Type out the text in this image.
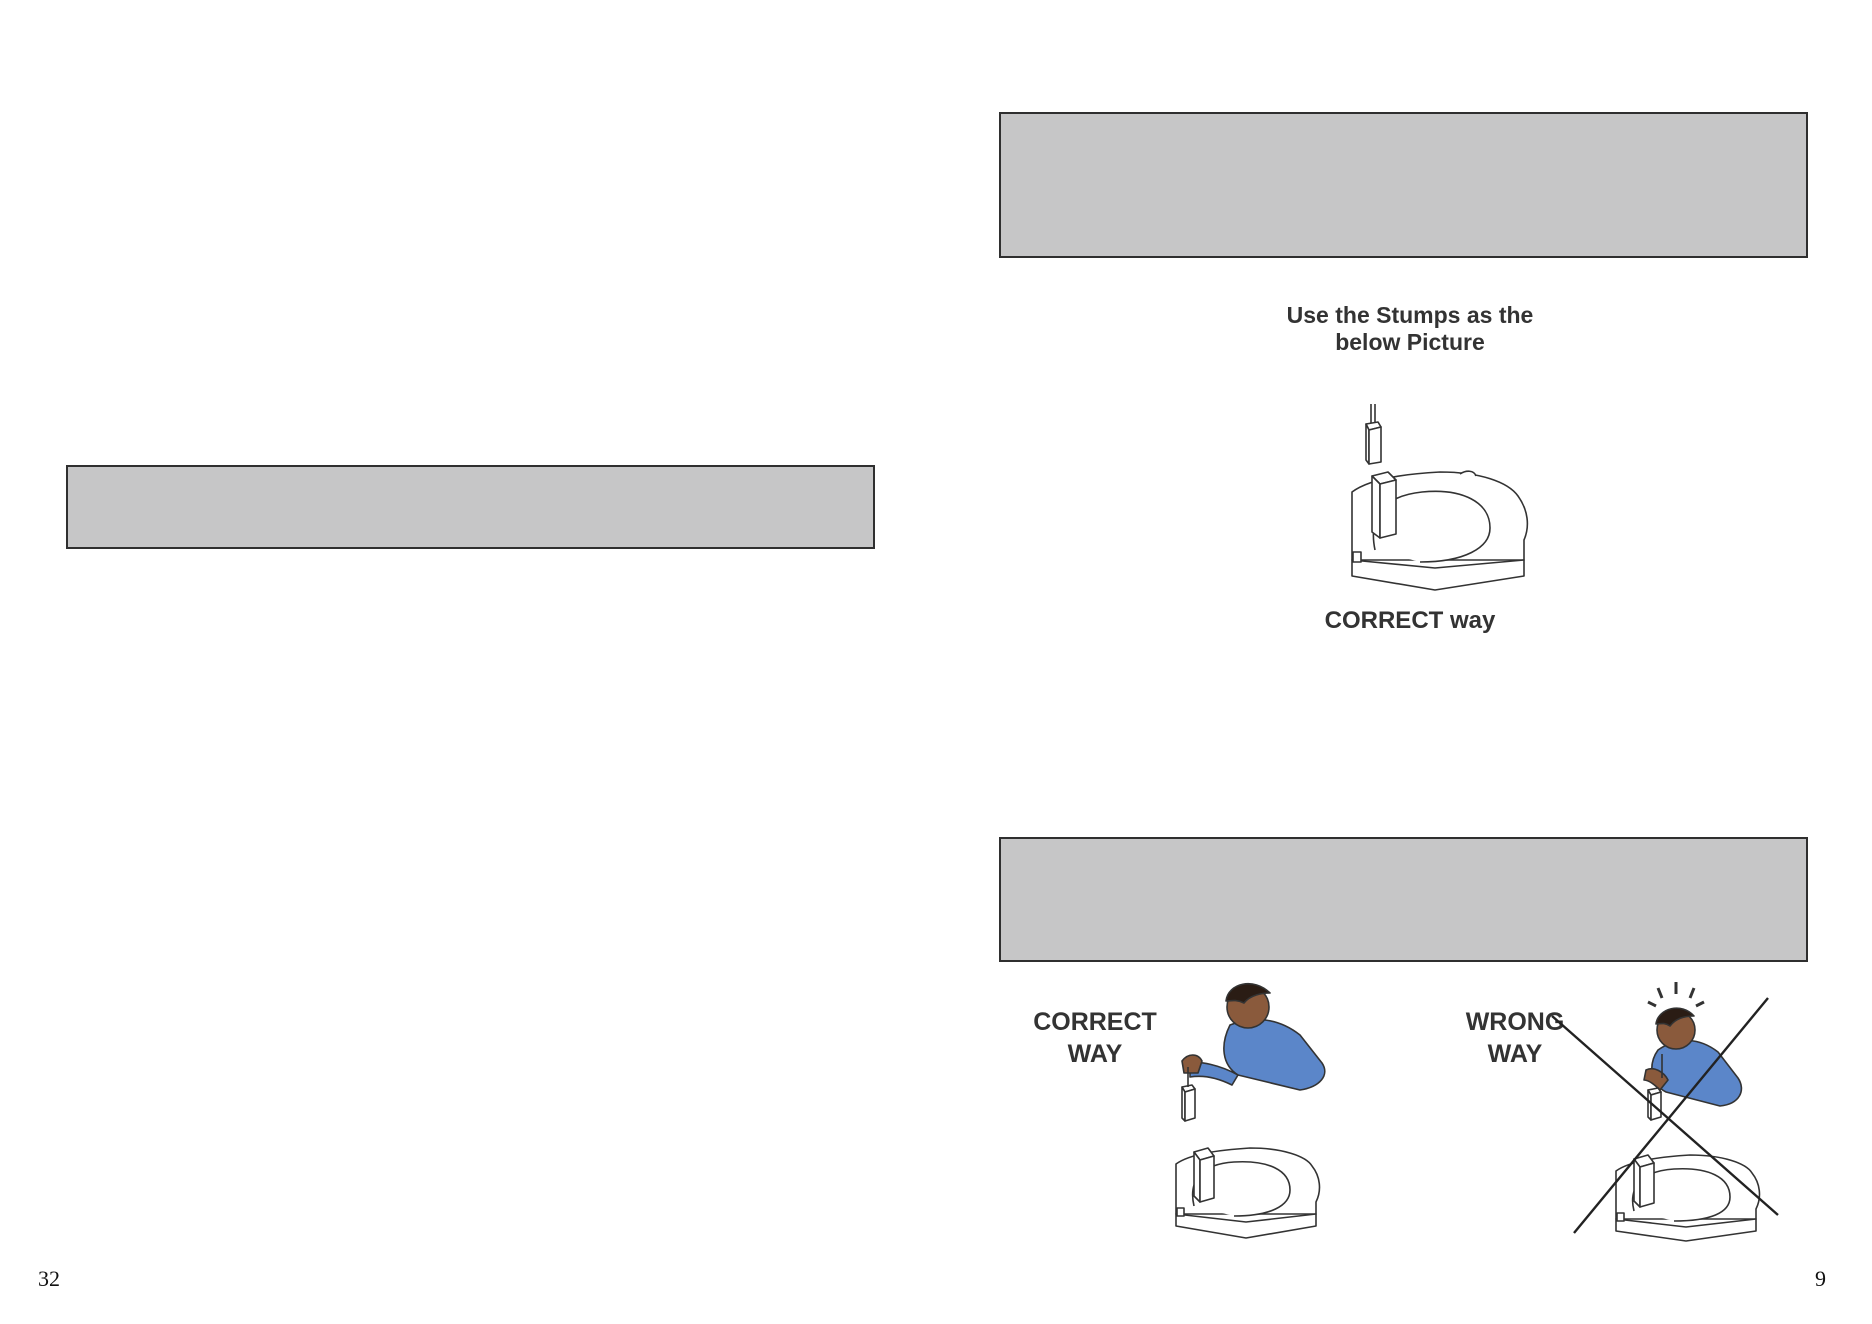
32
Use the Stumps as the
below Picture
CORRECT way
CORRECT
WAY
WRONG
WAY
9
